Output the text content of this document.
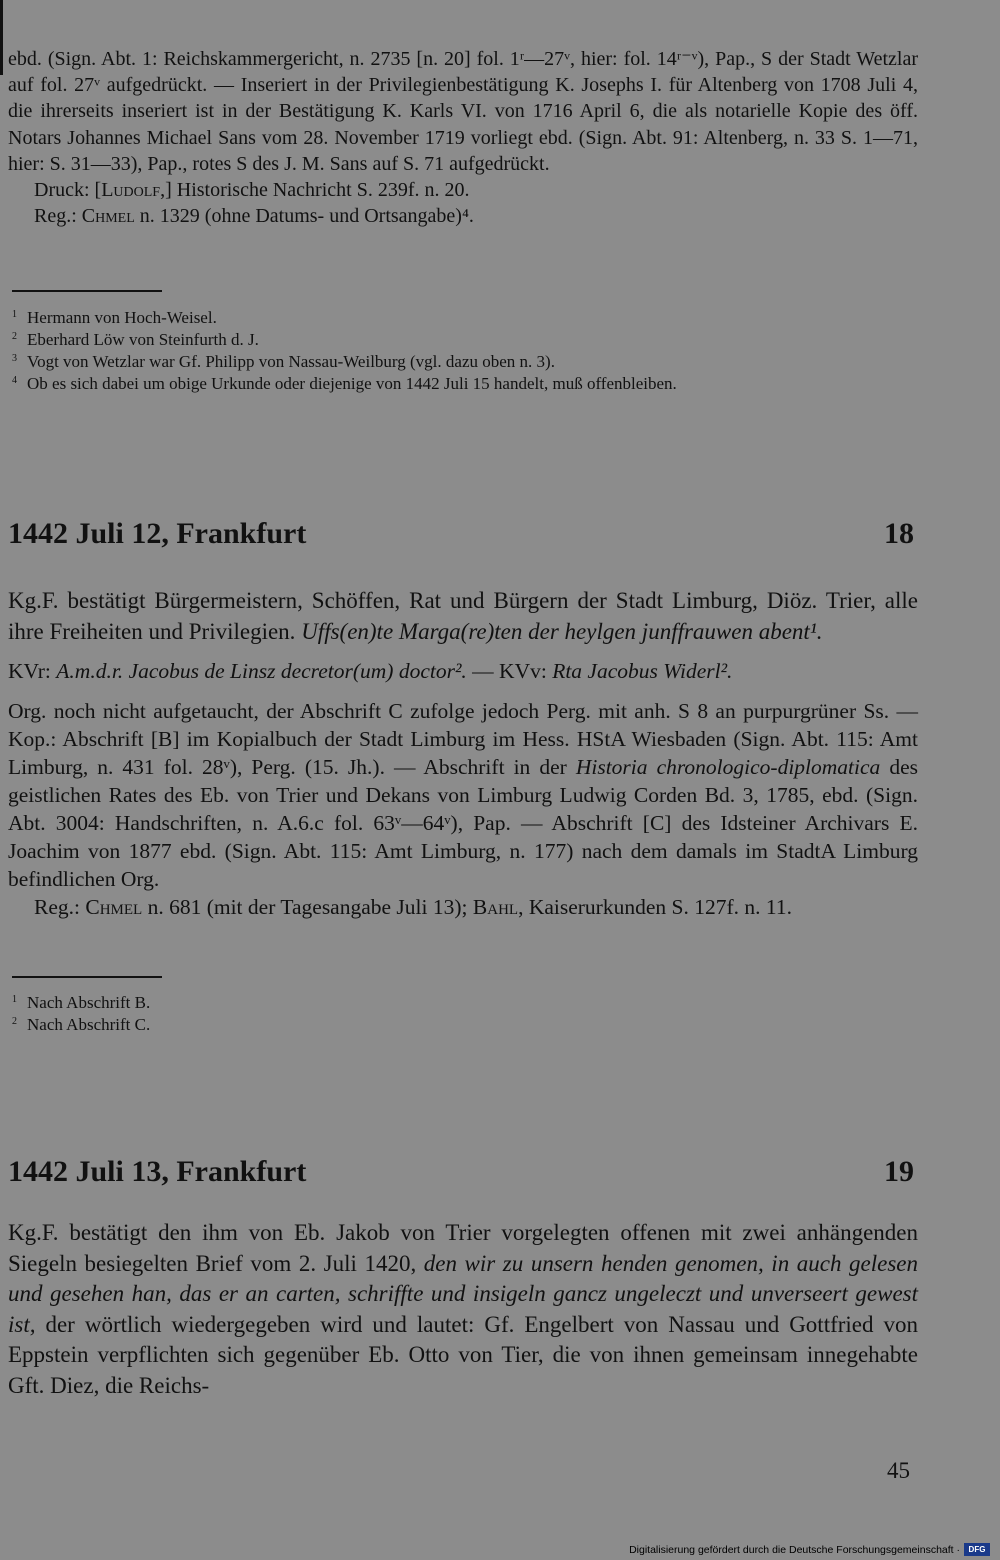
ebd. (Sign. Abt. 1: Reichskammergericht, n. 2735 [n. 20] fol. 1ʳ—27ᵛ, hier: fol. 14ʳ⁻ᵛ), Pap., S der Stadt Wetzlar auf fol. 27ᵛ aufgedrückt. — Inseriert in der Privilegienbestätigung K. Josephs I. für Altenberg von 1708 Juli 4, die ihrerseits inseriert ist in der Bestätigung K. Karls VI. von 1716 April 6, die als notarielle Kopie des öff. Notars Johannes Michael Sans vom 28. November 1719 vorliegt ebd. (Sign. Abt. 91: Altenberg, n. 33 S. 1—71, hier: S. 31—33), Pap., rotes S des J. M. Sans auf S. 71 aufgedrückt.

Druck: [Ludolf,] Historische Nachricht S. 239f. n. 20.

Reg.: Chmel n. 1329 (ohne Datums- und Ortsangabe)⁴.

$^1$ Hermann von Hoch-Weisel.
$^2$ Eberhard Löw von Steinfurth d. J.
$^3$ Vogt von Wetzlar war Gf. Philipp von Nassau-Weilburg (vgl. dazu oben n. 3).
$^4$ Ob es sich dabei um obige Urkunde oder diejenige von 1442 Juli 15 handelt, muß offenbleiben.
1442 Juli 12, Frankfurt	18

Kg.F. bestätigt Bürgermeistern, Schöffen, Rat und Bürgern der Stadt Limburg, Diöz. Trier, alle ihre Freiheiten und Privilegien. Uffs(en)te Marga(re)ten der heylgen junffrauwen abent¹.

KVr: A.m.d.r. Jacobus de Linsz decretor(um) doctor². — KVv: Rta Jacobus Widerl².

Org. noch nicht aufgetaucht, der Abschrift C zufolge jedoch Perg. mit anh. S 8 an purpurgrüner Ss. — Kop.: Abschrift [B] im Kopialbuch der Stadt Limburg im Hess. HStA Wiesbaden (Sign. Abt. 115: Amt Limburg, n. 431 fol. 28ᵛ), Perg. (15. Jh.). — Abschrift in der Historia chronologico-diplomatica des geistlichen Rates des Eb. von Trier und Dekans von Limburg Ludwig Corden Bd. 3, 1785, ebd. (Sign. Abt. 3004: Handschriften, n. A.6.c fol. 63ᵛ—64ᵛ), Pap. — Abschrift [C] des Idsteiner Archivars E. Joachim von 1877 ebd. (Sign. Abt. 115: Amt Limburg, n. 177) nach dem damals im StadtA Limburg befindlichen Org.

Reg.: Chmel n. 681 (mit der Tagesangabe Juli 13); Bahl, Kaiserurkunden S. 127f. n. 11.

$^1$ Nach Abschrift B.
$^2$ Nach Abschrift C.
1442 Juli 13, Frankfurt	19

Kg.F. bestätigt den ihm von Eb. Jakob von Trier vorgelegten offenen mit zwei anhängenden Siegeln besiegelten Brief vom 2. Juli 1420, den wir zu unsern henden genomen, in auch gelesen und gesehen han, das er an carten, schriffte und insigeln gancz ungeleczt und unverseert gewest ist, der wörtlich wiedergegeben wird und lautet: Gf. Engelbert von Nassau und Gottfried von Eppstein verpflichten sich gegenüber Eb. Otto von Tier, die von ihnen gemeinsam innegehabte Gft. Diez, die Reichs-

45
Digitalisierung gefördert durch die Deutsche Forschungsgemeinschaft ·	DFG
